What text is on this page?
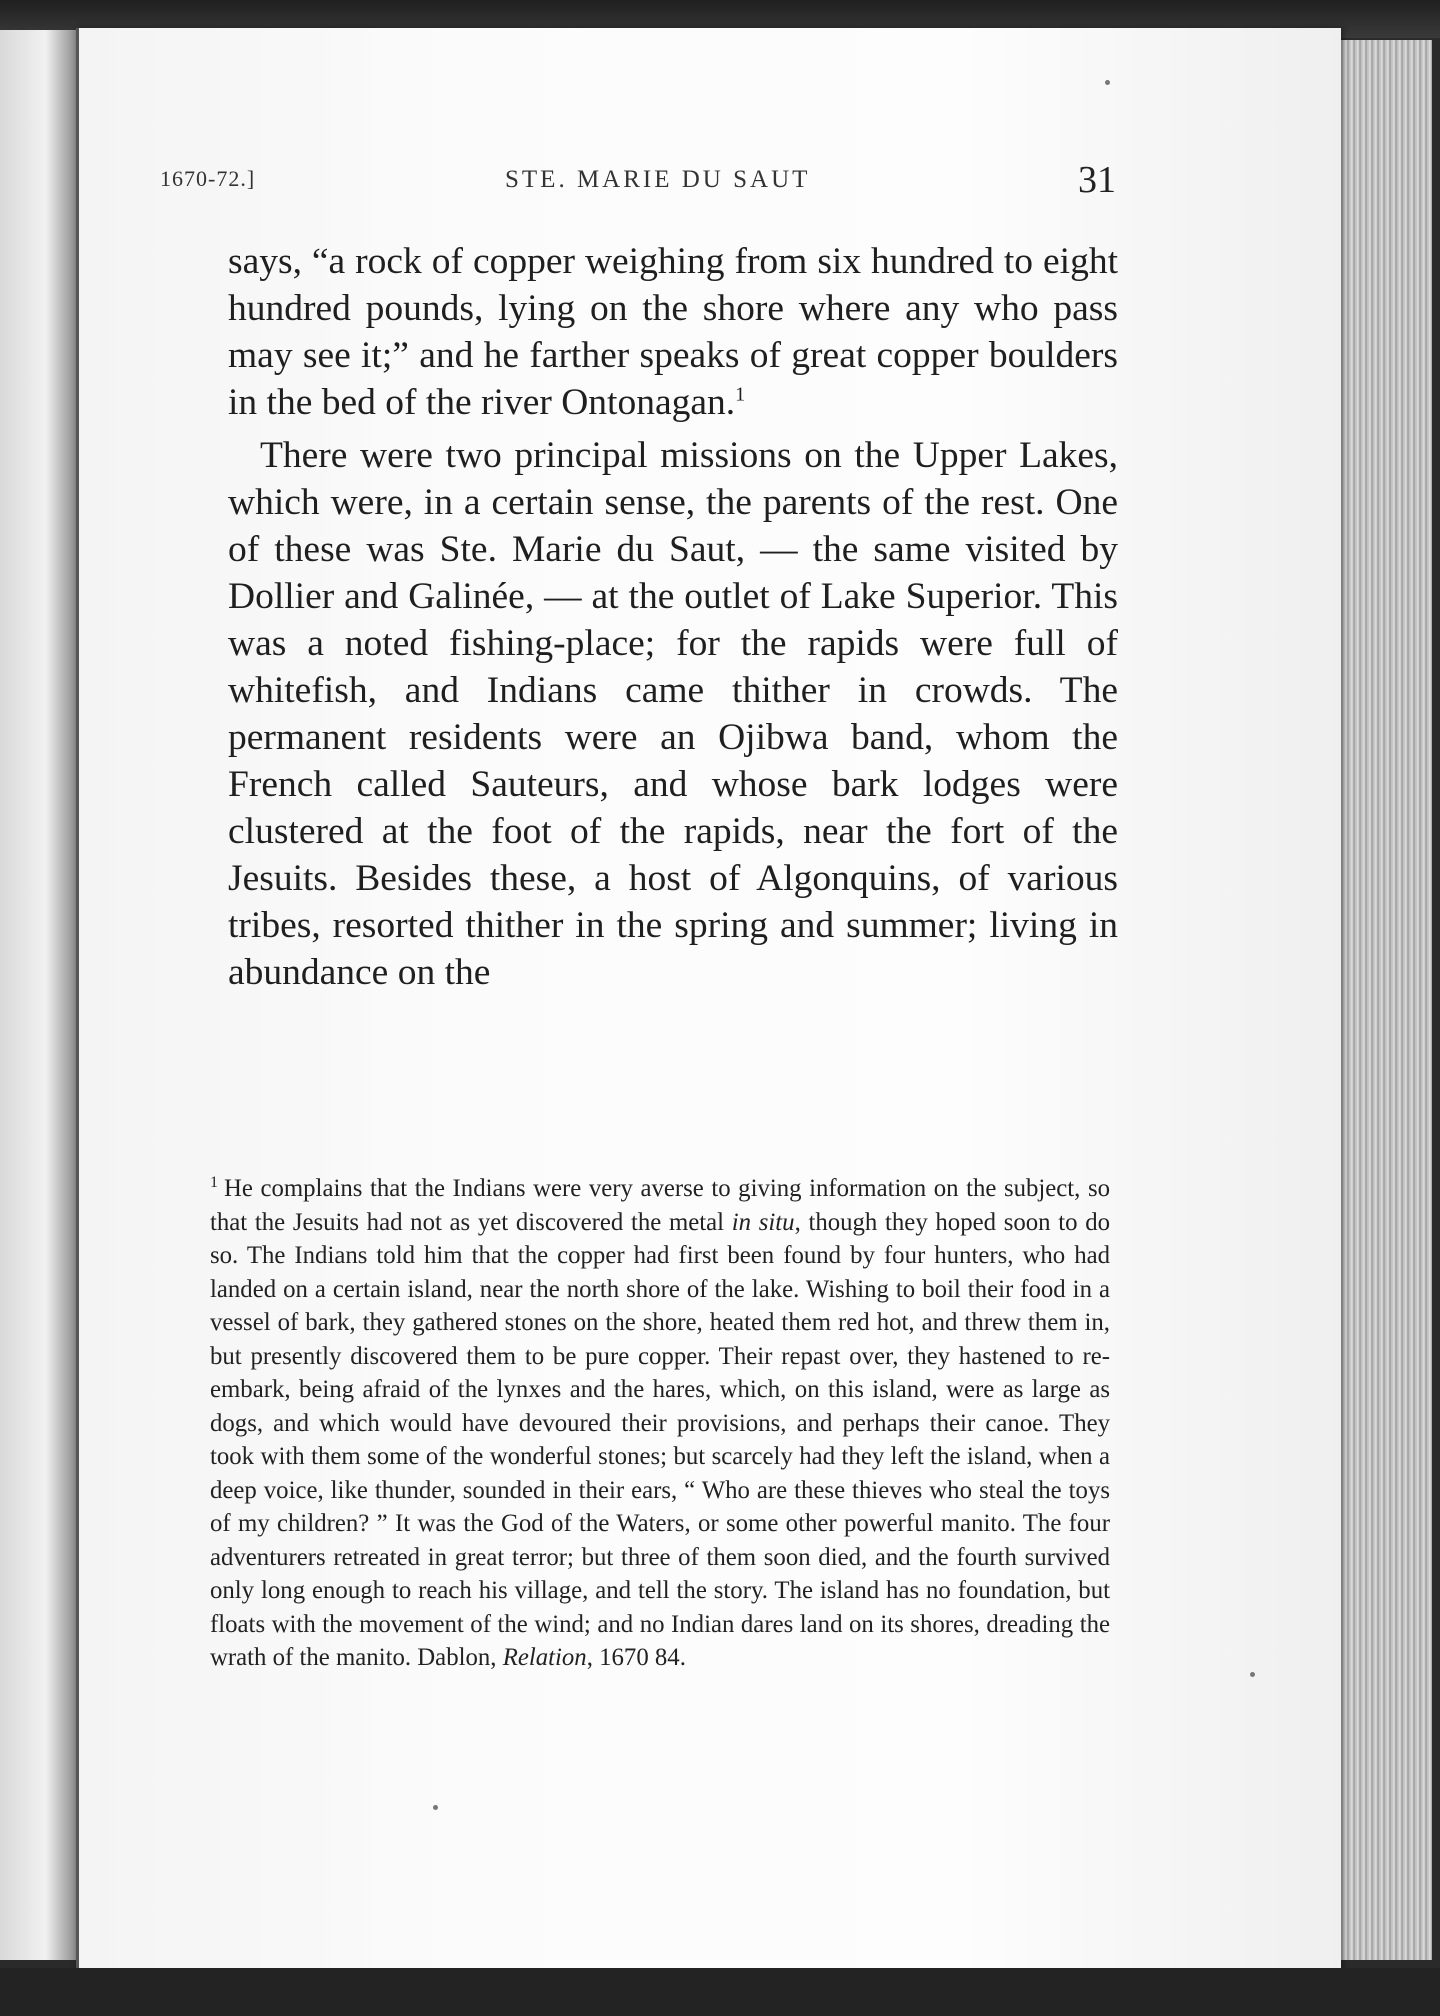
1670-72.]	STE. MARIE DU SAUT	31

says, “a rock of copper weighing from six hundred to eight hundred pounds, lying on the shore where any who pass may see it;” and he farther speaks of great copper boulders in the bed of the river Ontonagan.$^1$

There were two principal missions on the Upper Lakes, which were, in a certain sense, the parents of the rest. One of these was Ste. Marie du Saut, — the same visited by Dollier and Galinée, — at the outlet of Lake Superior. This was a noted fishing-place; for the rapids were full of whitefish, and Indians came thither in crowds. The permanent residents were an Ojibwa band, whom the French called Sauteurs, and whose bark lodges were clustered at the foot of the rapids, near the fort of the Jesuits. Besides these, a host of Algonquins, of various tribes, resorted thither in the spring and summer; living in abundance on the

$^1$ He complains that the Indians were very averse to giving information on the subject, so that the Jesuits had not as yet discovered the metal in situ, though they hoped soon to do so. The Indians told him that the copper had first been found by four hunters, who had landed on a certain island, near the north shore of the lake. Wishing to boil their food in a vessel of bark, they gathered stones on the shore, heated them red hot, and threw them in, but presently discovered them to be pure copper. Their repast over, they hastened to re-embark, being afraid of the lynxes and the hares, which, on this island, were as large as dogs, and which would have devoured their provisions, and perhaps their canoe. They took with them some of the wonderful stones; but scarcely had they left the island, when a deep voice, like thunder, sounded in their ears, “ Who are these thieves who steal the toys of my children? ” It was the God of the Waters, or some other powerful manito. The four adventurers retreated in great terror; but three of them soon died, and the fourth survived only long enough to reach his village, and tell the story. The island has no foundation, but floats with the movement of the wind; and no Indian dares land on its shores, dreading the wrath of the manito. Dablon, Relation, 1670 84.
